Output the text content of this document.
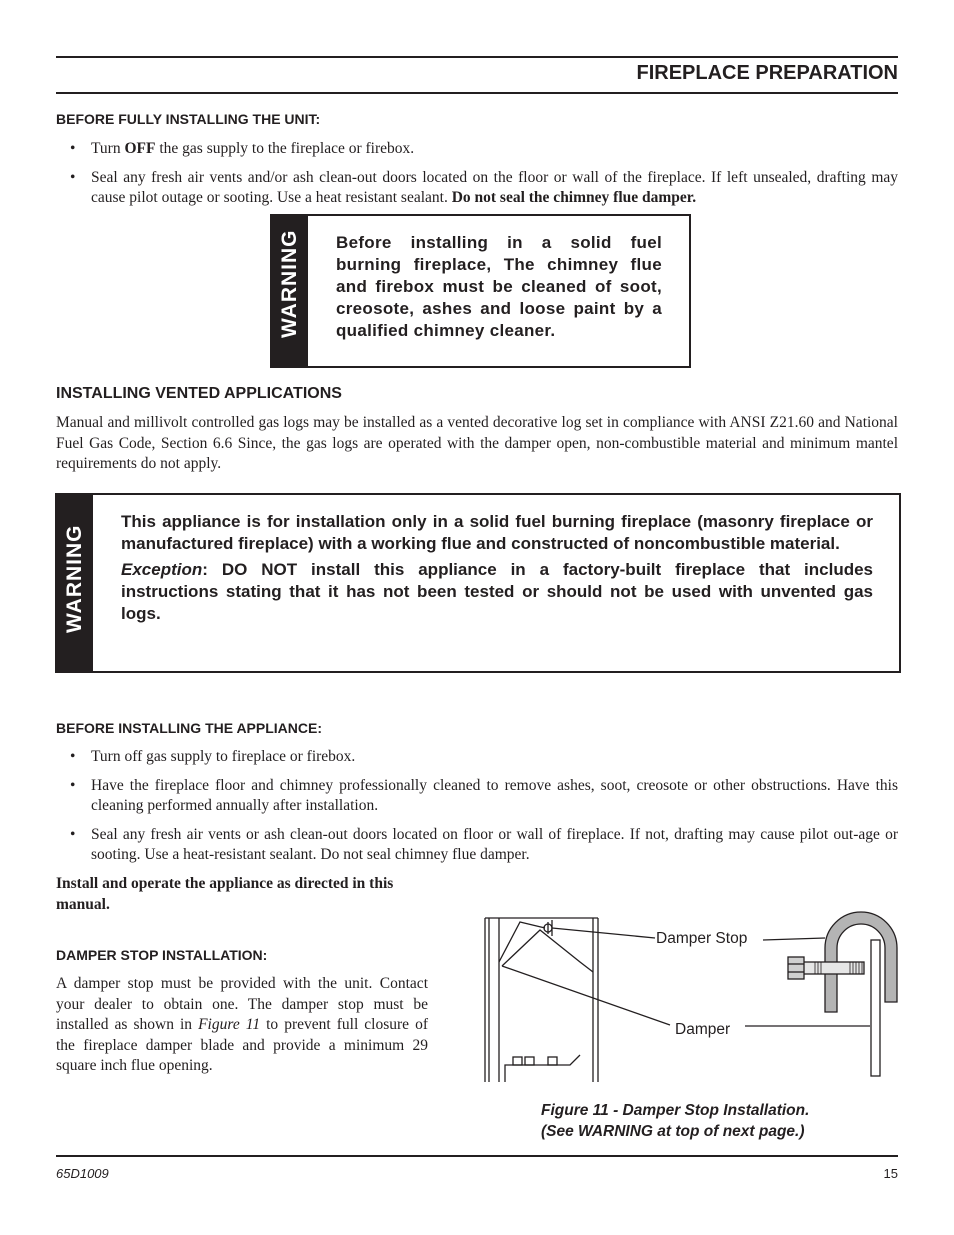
FIREPLACE PREPARATION
BEFORE FULLY INSTALLING THE UNIT:
• Turn OFF the gas supply to the fireplace or firebox.
• Seal any fresh air vents and/or ash clean-out doors located on the floor or wall of the fireplace. If left unsealed, drafting may cause pilot outage or sooting. Use a heat resistant sealant. Do not seal the chimney flue damper.
WARNING Before installing in a solid fuel burning fireplace, The chimney flue and firebox must be cleaned of soot, creosote, ashes and loose paint by a qualified chimney cleaner.
INSTALLING VENTED APPLICATIONS
Manual and millivolt controlled gas logs may be installed as a vented decorative log set in compliance with ANSI Z21.60 and National Fuel Gas Code, Section 6.6 Since, the gas logs are operated with the damper open, non-combustible material and minimum mantel requirements do not apply.
WARNING

This appliance is for installation only in a solid fuel burning fireplace (masonry fireplace or manufactured fireplace) with a working flue and constructed of noncombustible material.

Exception: DO NOT install this appliance in a factory-built fireplace that includes instructions stating that it has not been tested or should not be used with unvented gas logs.

BEFORE INSTALLING THE APPLIANCE:
• Turn off gas supply to fireplace or firebox.
• Have the fireplace floor and chimney professionally cleaned to remove ashes, soot, creosote or other obstructions. Have this cleaning performed annually after installation.
• Seal any fresh air vents or ash clean-out doors located on floor or wall of fireplace. If not, drafting may cause pilot out-age or sooting. Use a heat-resistant sealant. Do not seal chimney flue damper.
Install and operate the appliance as directed in this manual.
DAMPER STOP INSTALLATION:
A damper stop must be provided with the unit. Contact your dealer to obtain one. The damper stop must be installed as shown in Figure 11 to prevent full closure of the fireplace damper blade and provide a minimum 29 square inch flue opening.
Damper Stop
Damper
Figure 11 - Damper Stop Installation.
(See WARNING at top of next page.)
65D1009	15
